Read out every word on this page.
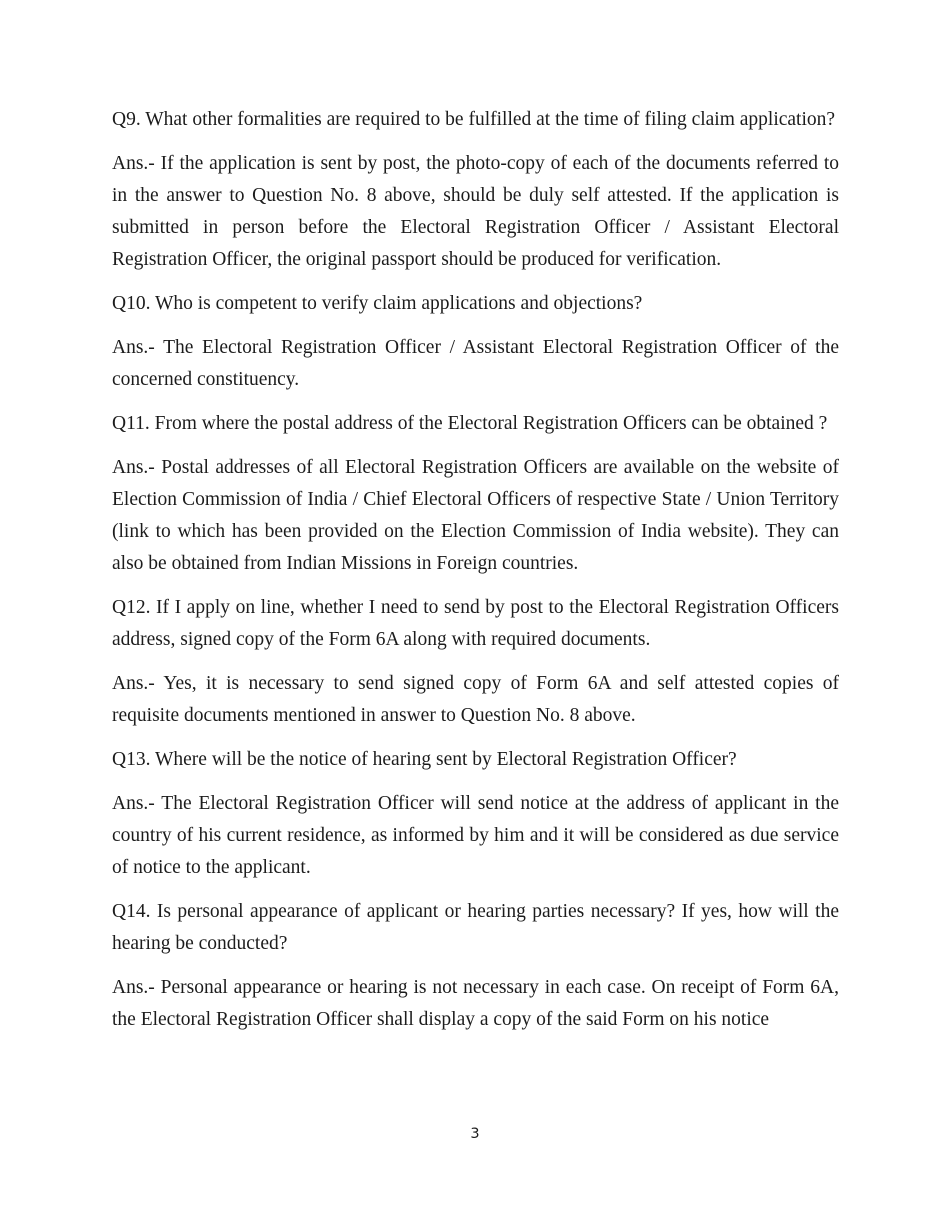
Q9. What other formalities are required to be fulfilled at the time of filing claim application?

Ans.- If the application is sent by post, the photo-copy of each of the documents referred to in the answer to Question No. 8 above, should be duly self attested. If the application is submitted in person before the Electoral Registration Officer / Assistant Electoral Registration Officer, the original passport should be produced for verification.

Q10. Who is competent to verify claim applications and objections?

Ans.- The Electoral Registration Officer / Assistant Electoral Registration Officer of the concerned constituency.

Q11. From where the postal address of the Electoral Registration Officers can be obtained ?

Ans.- Postal addresses of all Electoral Registration Officers are available on the website of Election Commission of India / Chief Electoral Officers of respective State / Union Territory (link to which has been provided on the Election Commission of India website). They can also be obtained from Indian Missions in Foreign countries.

Q12. If I apply on line, whether I need to send by post to the Electoral Registration Officers address, signed copy of the Form 6A along with required documents.

Ans.- Yes, it is necessary to send signed copy of Form 6A and self attested copies of requisite documents mentioned in answer to Question No. 8 above.

Q13. Where will be the notice of hearing sent by Electoral Registration Officer?

Ans.- The Electoral Registration Officer will send notice at the address of applicant in the country of his current residence, as informed by him and it will be considered as due service of notice to the applicant.

Q14. Is personal appearance of applicant or hearing parties necessary? If yes, how will the hearing be conducted?

Ans.- Personal appearance or hearing is not necessary in each case. On receipt of Form 6A, the Electoral Registration Officer shall display a copy of the said Form on his notice

3
